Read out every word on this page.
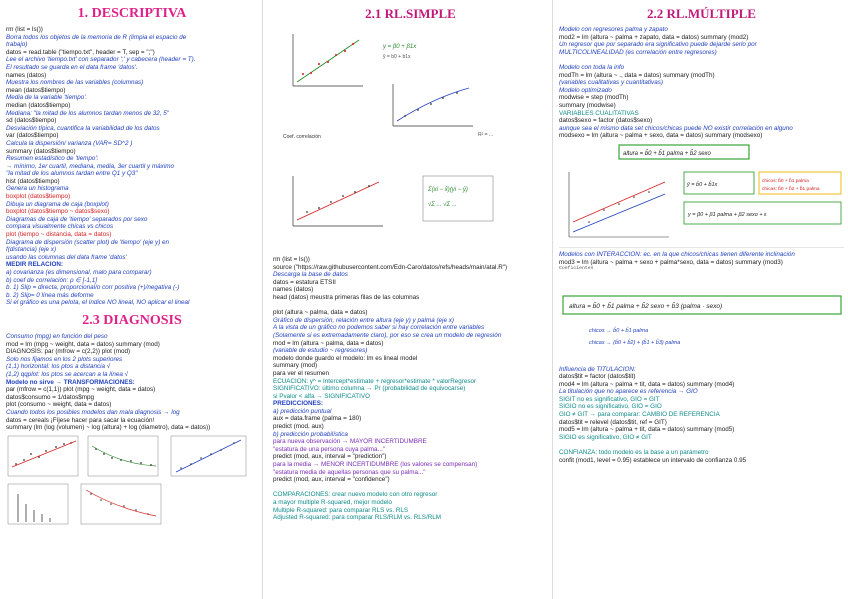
1. DESCRIPTIVA
rm (list = ls())
Borra todos los objetos de la memoria de R (limpia el espacio de
trabajo)
datos = read.table ("tiempo.txt", header = T, sep = ";")
Lee el archivo 'tiempo.txt' con separador ';' y cabecera (header = T).
El resultado se guarda en el data frame 'datos'.
names (datos)
Muestra los nombres de las variables (columnas)
mean (datos$tiempo)
Media de la variable 'tiempo'.
median (datos$tiempo)
Mediana: "la mitad de los alumnos tardan menos de 32, 5"
sd (datos$tiempo)
Desviación típica, cuantifica la variabilidad de los datos
var (datos$tiempo)
Calcula la dispersión/ varianza (VAR= SD^2 )
summary (datos$tiempo)
Resumen estadístico de 'tiempo':
→ mínimo, 1er cuartil, mediana, media, 3er cuartil y máximo
"la mitad de los alumnos tardan entre Q1 y Q3"
hist (datos$tiempo)
Genera un histograma
boxplot (datos$tiempo)
Dibuja un diagrama de caja (boxplot)
boxplot (datos$tiempo ~ datos$sexo)
Diagramas de caja de 'tiempo' separados por sexo
compara visualmente chicas vs chicos
plot (tiempo ~ distancia, data = datos)
Diagrama de dispersión (scatter plot) de 'tiempo' (eje y) en
f(distancia) (eje x)
usando las columnas del data frame 'datos'
MEDIR RELACIÓN:
a) covarianza (es dimensional, malo para comparar)
b) coef de correlación: ρ ∈ [-1,1]
b. 1) Slip = directa, proporcional/o corr positiva (+)/negativa (-)
b. 2) Slip= 0 línea más deforme
Si el gráfico es una pelota, el índice NO lineal, NO aplicar el lineal
2.3 DIAGNOSIS
Consumo (mpg) en función del peso
mod = lm (mpg ~ weight, data = datos) summary (mod)
DIAGNOSIS: par (mfrow = c(2,2)) plot (mod)
Solo nos fijamos en los 2 plots superiores
(1,1) horizontal: los ptos a distancia √
(1,2) qqplot: los ptos se acercan a la línea √
Modelo no sirve → TRANSFORMACIONES:
par (mfrow = c(1,1)) plot (mpg ~ weight, data = datos)
datos$consumo = 1/datos$mpg
plot (consumo ~ weight, data = datos)
Cuando todos los posibles modelos dan mala diagnosis → log
datos = cereals ¡Fíjese hacer para sacar la ecuación!
summary (lm (log (volumen) ~ log (altura) + log (diametro), data = datos))
2.1 RL.SIMPLE
y = β0 + β1x
ŷ = b0 + b1x
Coef. correlación	R² = ...
Σ(xi − x̄)(yi − ȳ)
√Σ ... √Σ ...
rm (list = ls())
source ("https://raw.githubusercontent.com/Edn-Caro/datos/refs/heads/main/atal.R")
Descarga la base de datos
datos = estatura ETSII
names (datos)
head (datos) meustra primeras filas de las columnas

plot (altura ~ palma, data = datos)
Gráfico de dispersión, relación entre altura (eje y) y palma (eje x)
A la vista de un gráfico no podemos saber si hay correlación entre variables
(Solamente si es extremadamente claro), por eso se crea un modelo de regresión
mod = lm (altura ~ palma, data = datos)
(variable de estudio ~ regresores)
modelo donde guardo el modelo: lm es lineal model
summary (mod)
para ver el resumen
ECUACIÓN: y^ = Intercept*estimate + regresor*estimate * valorRegresor
SIGNIFICATIVO: último columna → Pr (probabilidad de equivocarse)
si Pvalor < alfa → SIGNIFICATIVO
PREDICCIONES:
a) predicción puntual
aux = data.frame (palma = 180)
predict (mod, aux)
b) predicción probabilística
para nueva observación → MAYOR INCERTIDUMBRE
"estatura de una persona cuya palma..."
predict (mod, aux, interval = "prediction")
para la media → MENOR INCERTIDUMBRE (los valores se compensan)
"estatura media de aquellas personas que su palma..."
predict (mod, aux, interval = "confidence")

COMPARACIONES: crear nuevo modelo con otro regresor
a mayor multiple R-squared, mejor modelo
Multiple R-squared: para comparar RLS vs. RLS
Adjusted R-squared: para comparar RLS/RLM vs. RLS/RLM
2.2 RL.MÚLTIPLE
Modelo con regresores palma y zapato
mod2 = lm (altura ~ palma + zapato, data = datos) summary (mod2)
Un regresor que por separado era significativo puede dejarde serlo por
MULTICOLINEALIDAD (es correlación entre regresores)

Modelo con toda la info
modTh = lm (altura ~ ., data = datos) summary (modTh)
(variables cualitativas y cuantitativas)
Modelo optimizado
modwise = step (modTh)
summary (modwise)
VARIABLES CUALITATIVAS
datos$sexo = factor (datos$sexo)
aunque sea el mismo data set chicos/chicas puede NO existir correlación en alguno
modsexo = lm (altura ~ palma + sexo, data = datos) summary (modsexo)
altura = b̂0 + b̂1 palma + b̂2 sexo
ŷ = b̂0 + b̂1x
chicos: b̂0 + b̂1 palma
chicas: b̂0 + b̂2 + b̂1 palma
y = β0 + β1 palma + β2 sexo + ε
Modelos con INTERACCIÓN: ec. en la que chicos/chicas tienen diferente inclinación
mod3 = lm (altura ~ palma + sexo + palma*sexo, data = datos) summary (mod3)
Coeficientes
altura = b̂0 + b̂1 palma + b̂2 sexo + b̂3 (palma · sexo)
chicos → b̂0 + b̂1 palma
chicas → (b̂0 + b̂2) + (b̂1 + b̂3) palma
Influencia de TITULACIÓN:
datos$tit = factor (datos$tit)
mod4 = lm (altura ~ palma + tit, data = datos) summary (mod4)
La titulación que no aparece es referencia → GIO
SIGIT no es significativo, GIO = GIT
SIGIO no es significativo, GIO = GIO
GIO ≠ GIT → para comparar: CAMBIO DE REFERENCIA
datos$tit = relevel (datos$tit, ref = GIT)
mod5 = lm (altura ~ palma + tit, data = datos) summary (mod5)
SIGIO es significativo, GIO ≠ GIT

CONFIANZA: todo modelo es la base a un parámetro
confit (mod1, level = 0.95) establece un intervalo de confianza 0.95
